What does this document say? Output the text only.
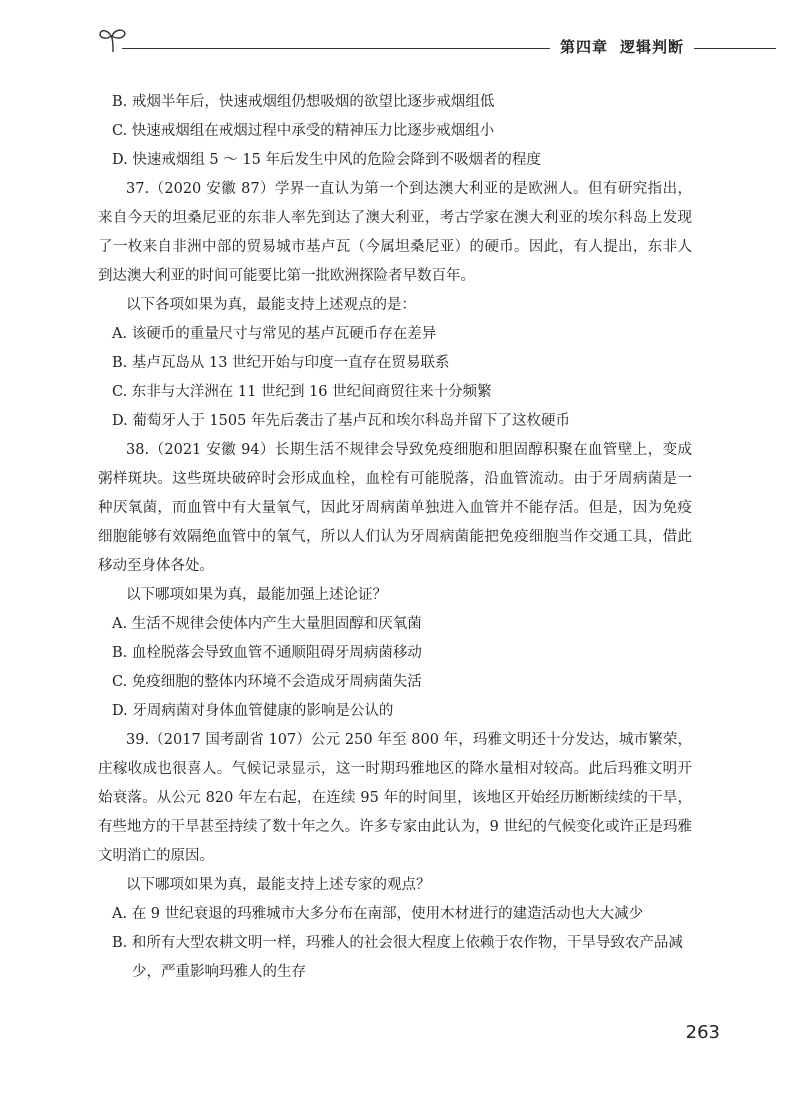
第四章 逻辑判断

B. 戒烟半年后，快速戒烟组仍想吸烟的欲望比逐步戒烟组低

C. 快速戒烟组在戒烟过程中承受的精神压力比逐步戒烟组小

D. 快速戒烟组 5 ～ 15 年后发生中风的危险会降到不吸烟者的程度

37.（2020 安徽 87）学界一直认为第一个到达澳大利亚的是欧洲人。但有研究指出，来自今天的坦桑尼亚的东非人率先到达了澳大利亚，考古学家在澳大利亚的埃尔科岛上发现了一枚来自非洲中部的贸易城市基卢瓦（今属坦桑尼亚）的硬币。因此，有人提出，东非人到达澳大利亚的时间可能要比第一批欧洲探险者早数百年。

以下各项如果为真，最能支持上述观点的是：

A. 该硬币的重量尺寸与常见的基卢瓦硬币存在差异

B. 基卢瓦岛从 13 世纪开始与印度一直存在贸易联系

C. 东非与大洋洲在 11 世纪到 16 世纪间商贸往来十分频繁

D. 葡萄牙人于 1505 年先后袭击了基卢瓦和埃尔科岛并留下了这枚硬币

38.（2021 安徽 94）长期生活不规律会导致免疫细胞和胆固醇积聚在血管壁上，变成粥样斑块。这些斑块破碎时会形成血栓，血栓有可能脱落，沿血管流动。由于牙周病菌是一种厌氧菌，而血管中有大量氧气，因此牙周病菌单独进入血管并不能存活。但是，因为免疫细胞能够有效隔绝血管中的氧气，所以人们认为牙周病菌能把免疫细胞当作交通工具，借此移动至身体各处。

以下哪项如果为真，最能加强上述论证？

A. 生活不规律会使体内产生大量胆固醇和厌氧菌

B. 血栓脱落会导致血管不通顺阻碍牙周病菌移动

C. 免疫细胞的整体内环境不会造成牙周病菌失活

D. 牙周病菌对身体血管健康的影响是公认的

39.（2017 国考副省 107）公元 250 年至 800 年，玛雅文明还十分发达，城市繁荣，庄稼收成也很喜人。气候记录显示，这一时期玛雅地区的降水量相对较高。此后玛雅文明开始衰落。从公元 820 年左右起，在连续 95 年的时间里，该地区开始经历断断续续的干旱，有些地方的干旱甚至持续了数十年之久。许多专家由此认为，9 世纪的气候变化或许正是玛雅文明消亡的原因。

以下哪项如果为真，最能支持上述专家的观点？

A. 在 9 世纪衰退的玛雅城市大多分布在南部，使用木材进行的建造活动也大大减少

B. 和所有大型农耕文明一样，玛雅人的社会很大程度上依赖于农作物，干旱导致农产品减少，严重影响玛雅人的生存

263
